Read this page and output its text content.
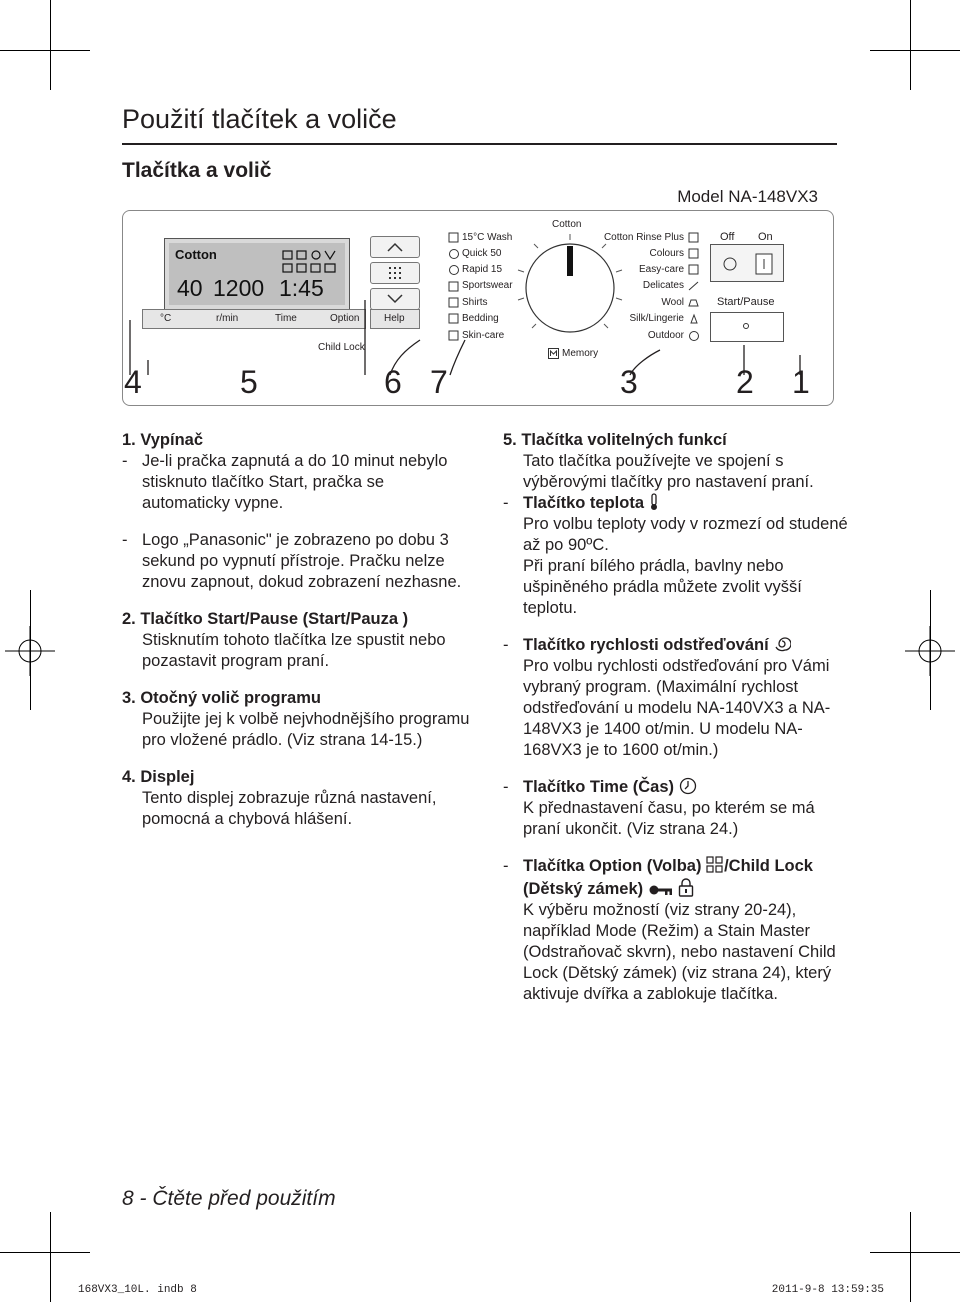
Použití tlačítek a voliče
Tlačítka a volič
Model NA-148VX3
Cotton
40 1200 1:45
°C	r/min	Time	Option
Child Lock
Help
15°C Wash
Quick 50
Rapid 15
Sportswear
Shirts
Bedding
Skin-care
Cotton
Memory
Cotton Rinse Plus
Colours
Easy-care
Delicates
Wool
Silk/Lingerie
Outdoor
Off On
Start/Pause
4	5	6 7	3	2 1

1. Vypínač

- Je-li pračka zapnutá a do 10 minut nebylo stisknuto tlačítko Start, pračka se automaticky vypne.

- Logo „Panasonic" je zobrazeno po dobu 3 sekund po vypnutí přístroje. Pračku nelze znovu zapnout, dokud zobrazení nezhasne.

2. Tlačítko Start/Pause (Start/Pauza )

Stisknutím tohoto tlačítka lze spustit nebo pozastavit program praní.

3. Otočný volič programu

Použijte jej k volbě nejvhodnějšího programu pro vložené prádlo. (Viz strana 14-15.)

4. Displej

Tento displej zobrazuje různá nastavení, pomocná a chybová hlášení.

5. Tlačítka volitelných funkcí

Tato tlačítka používejte ve spojení s výběrovými tlačítky pro nastavení praní.

- Tlačítko teplota

Pro volbu teploty vody v rozmezí od studené až po 90ºC.

Při praní bílého prádla, bavlny nebo ušpiněného prádla můžete zvolit vyšší teplotu.

- Tlačítko rychlosti odstřeďování

Pro volbu rychlosti odstřeďování pro Vámi vybraný program. (Maximální rychlost odstřeďování u modelu NA-140VX3 a NA-148VX3 je 1400 ot/min. U modelu NA-168VX3 je to 1600 ot/min.)

- Tlačítko Time (Čas)

K přednastavení času, po kterém se má praní ukončit. (Viz strana 24.)

- Tlačítka Option (Volba) /Child Lock

(Dětský zámek)

K výběru možností (viz strany 20-24), například Mode (Režim) a Stain Master (Odstraňovač skvrn), nebo nastavení Child Lock (Dětský zámek) (viz strana 24), který aktivuje dvířka a zablokuje tlačítka.

8 - Čtěte před použitím
168VX3_10L. indb 8	2011-9-8 13:59:35
